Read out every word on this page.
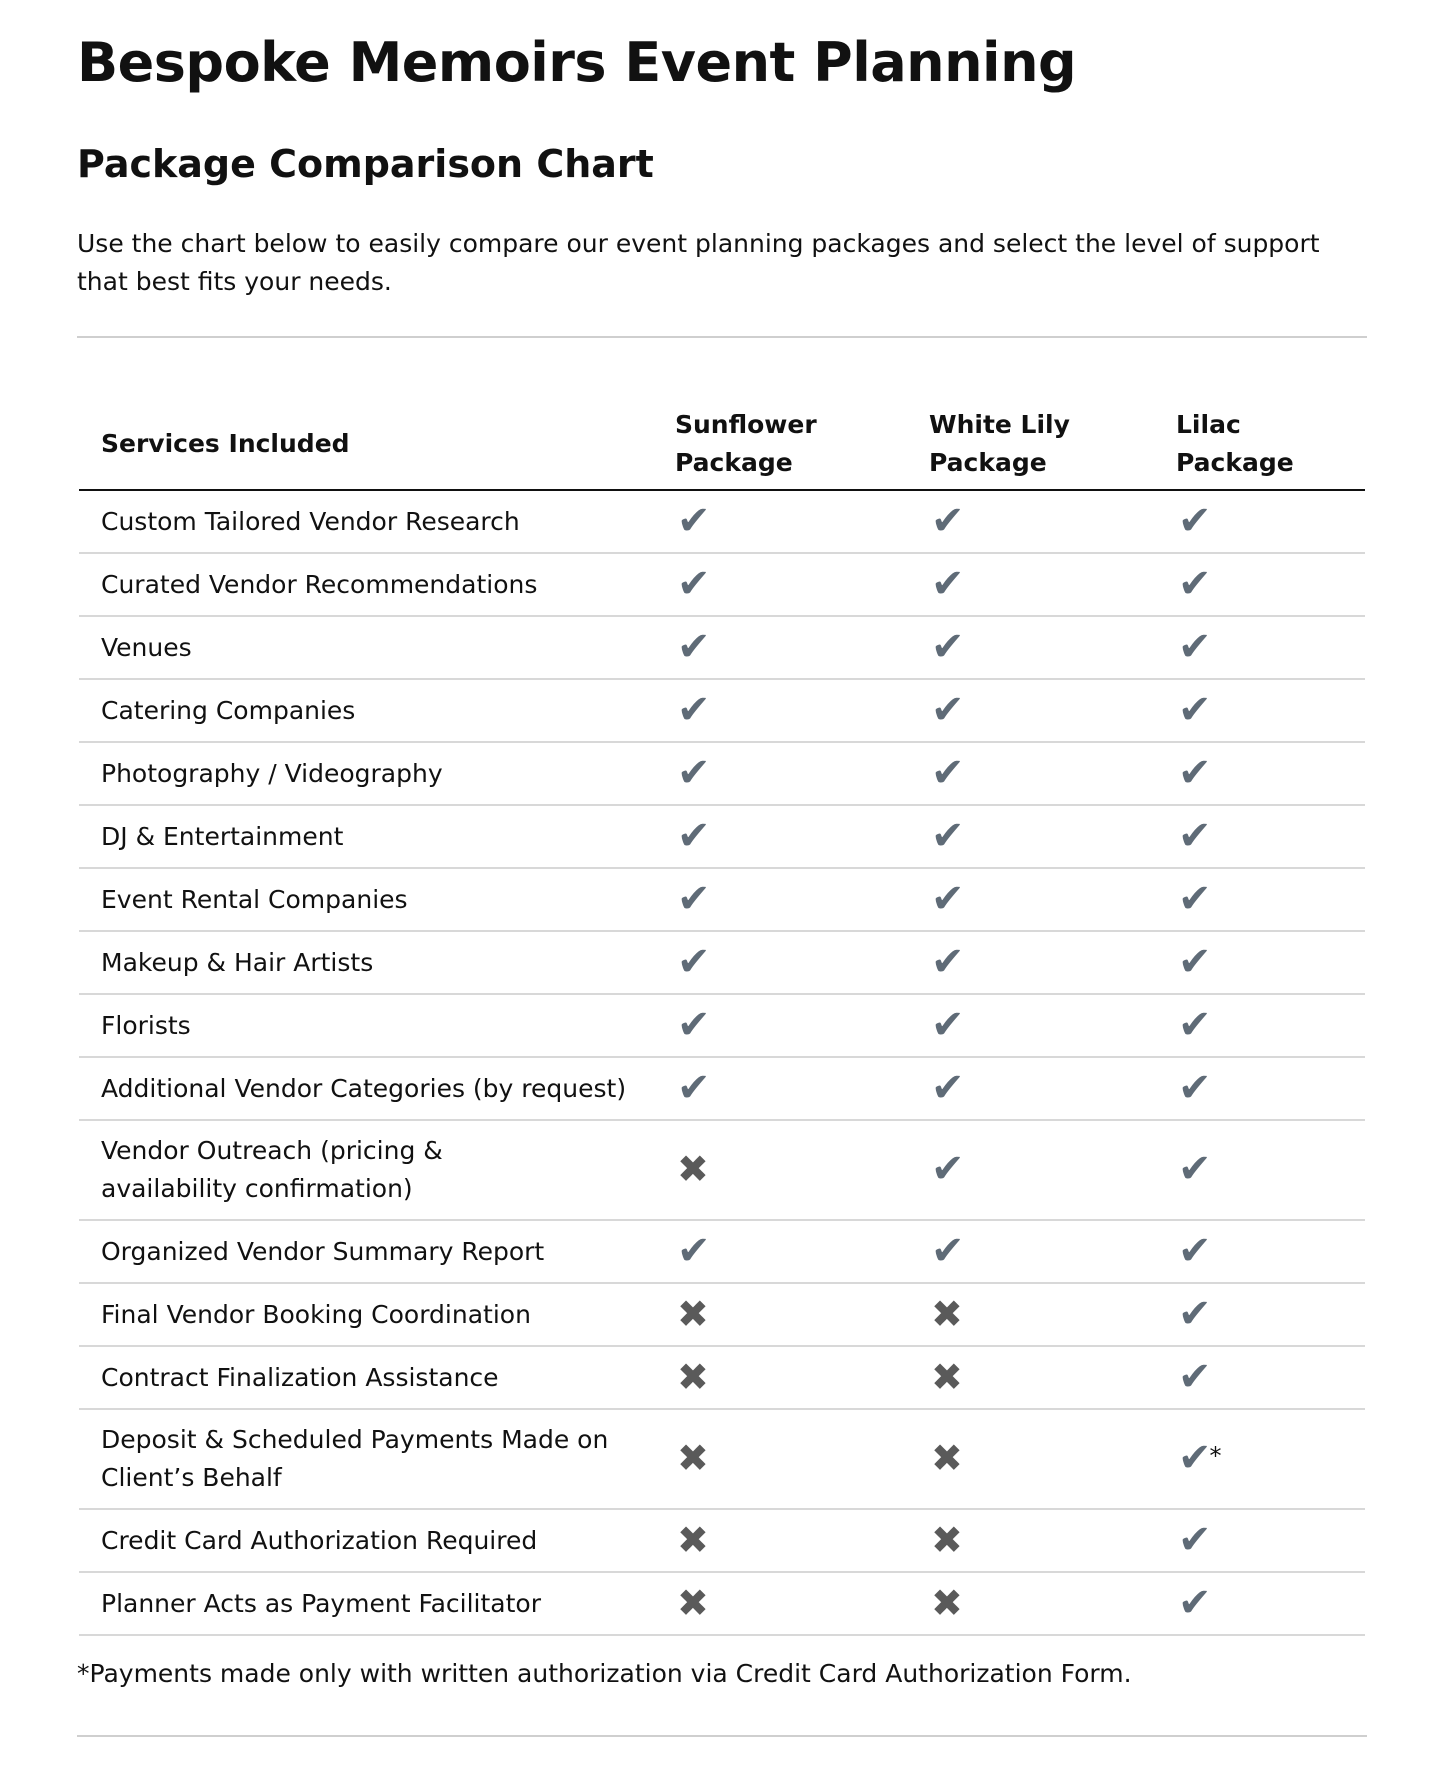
Bespoke Memoirs Event Planning
Package Comparison Chart

Use the chart below to easily compare our event planning packages and select the level of support that best fits your needs.

Services Included	Sunflower Package	White Lily Package	Lilac Package

Custom Tailored Vendor Research	✔	✔	✔
Curated Vendor Recommendations	✔	✔	✔
Venues	✔	✔	✔
Catering Companies	✔	✔	✔
Photography / Videography	✔	✔	✔
DJ & Entertainment	✔	✔	✔
Event Rental Companies	✔	✔	✔
Makeup & Hair Artists	✔	✔	✔
Florists	✔	✔	✔
Additional Vendor Categories (by request)	✔	✔	✔
Vendor Outreach (pricing & availability confirmation)	✖	✔	✔
Organized Vendor Summary Report	✔	✔	✔
Final Vendor Booking Coordination	✖	✖	✔
Contract Finalization Assistance	✖	✖	✔
Deposit & Scheduled Payments Made on Client’s Behalf	✖	✖	✔*
Credit Card Authorization Required	✖	✖	✔
Planner Acts as Payment Facilitator	✖	✖	✔

*Payments made only with written authorization via Credit Card Authorization Form.
